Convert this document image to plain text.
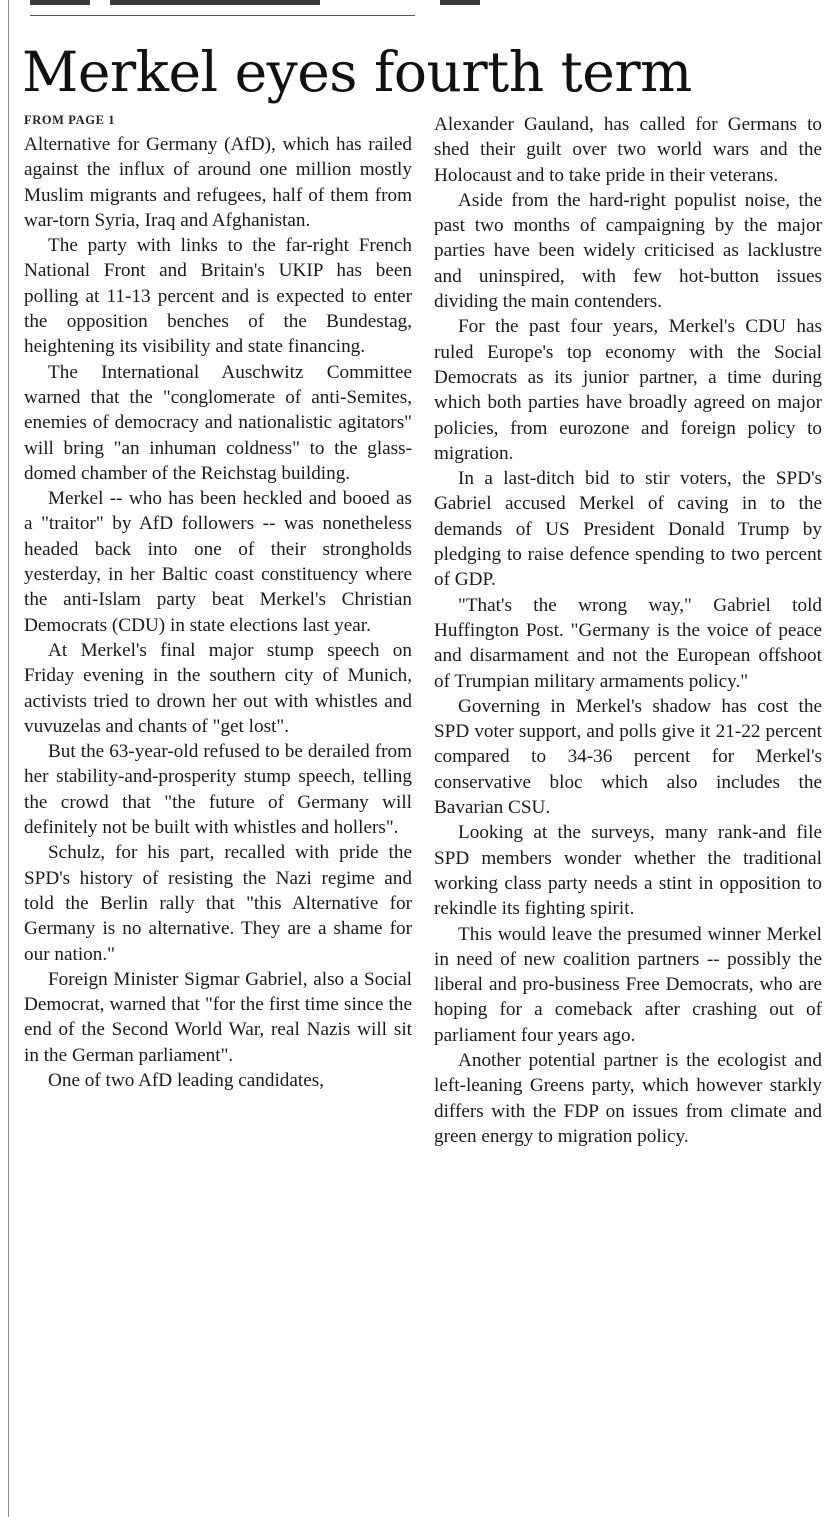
Merkel eyes fourth term
FROM PAGE 1

Alternative for Germany (AfD), which has railed against the influx of around one million mostly Muslim migrants and refugees, half of them from war-torn Syria, Iraq and Afghanistan.

The party with links to the far-right French National Front and Britain's UKIP has been polling at 11-13 percent and is expected to enter the opposition benches of the Bundestag, heightening its visibility and state financing.

The International Auschwitz Committee warned that the "conglomerate of anti-Semites, enemies of democracy and nationalistic agitators" will bring "an inhuman coldness" to the glass-domed chamber of the Reichstag building.

Merkel -- who has been heckled and booed as a "traitor" by AfD followers -- was nonetheless headed back into one of their strongholds yesterday, in her Baltic coast constituency where the anti-Islam party beat Merkel's Christian Democrats (CDU) in state elections last year.

At Merkel's final major stump speech on Friday evening in the southern city of Munich, activists tried to drown her out with whistles and vuvuzelas and chants of "get lost".

But the 63-year-old refused to be derailed from her stability-and-prosperity stump speech, telling the crowd that "the future of Germany will definitely not be built with whistles and hollers".

Schulz, for his part, recalled with pride the SPD's history of resisting the Nazi regime and told the Berlin rally that "this Alternative for Germany is no alternative. They are a shame for our nation."

Foreign Minister Sigmar Gabriel, also a Social Democrat, warned that "for the first time since the end of the Second World War, real Nazis will sit in the German parliament".

One of two AfD leading candidates,

Alexander Gauland, has called for Germans to shed their guilt over two world wars and the Holocaust and to take pride in their veterans.

Aside from the hard-right populist noise, the past two months of campaigning by the major parties have been widely criticised as lacklustre and uninspired, with few hot-button issues dividing the main contenders.

For the past four years, Merkel's CDU has ruled Europe's top economy with the Social Democrats as its junior partner, a time during which both parties have broadly agreed on major policies, from eurozone and foreign policy to migration.

In a last-ditch bid to stir voters, the SPD's Gabriel accused Merkel of caving in to the demands of US President Donald Trump by pledging to raise defence spending to two percent of GDP.

"That's the wrong way," Gabriel told Huffington Post. "Germany is the voice of peace and disarmament and not the European offshoot of Trumpian military armaments policy."

Governing in Merkel's shadow has cost the SPD voter support, and polls give it 21-22 percent compared to 34-36 percent for Merkel's conservative bloc which also includes the Bavarian CSU.

Looking at the surveys, many rank-and file SPD members wonder whether the traditional working class party needs a stint in opposition to rekindle its fighting spirit.

This would leave the presumed winner Merkel in need of new coalition partners -- possibly the liberal and pro-business Free Democrats, who are hoping for a comeback after crashing out of parliament four years ago.

Another potential partner is the ecologist and left-leaning Greens party, which however starkly differs with the FDP on issues from climate and green energy to migration policy.
